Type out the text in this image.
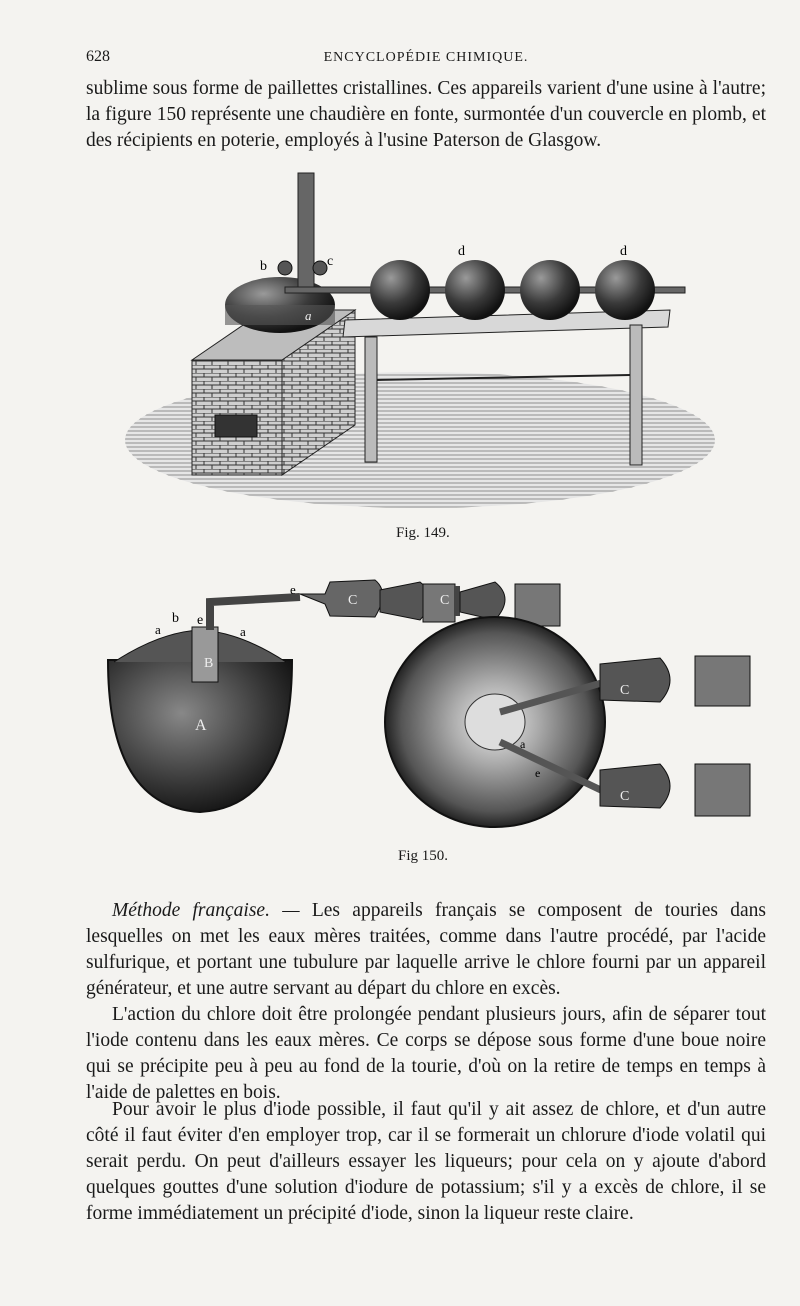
628	ENCYCLOPÉDIE CHIMIQUE.
sublime sous forme de paillettes cristallines. Ces appareils varient d'une usine à l'autre; la figure 150 représente une chaudière en fonte, surmontée d'un couvercle en plomb, et des récipients en poterie, employés à l'usine Paterson de Glasgow.
b	c
a
d	d
Fig. 149.
b e
a	a
B
A
e
C	C
C
C
a
e
Fig 150.
Méthode française. — Les appareils français se composent de touries dans lesquelles on met les eaux mères traitées, comme dans l'autre procédé, par l'acide sulfurique, et portant une tubulure par laquelle arrive le chlore fourni par un appareil générateur, et une autre servant au départ du chlore en excès.
L'action du chlore doit être prolongée pendant plusieurs jours, afin de séparer tout l'iode contenu dans les eaux mères. Ce corps se dépose sous forme d'une boue noire qui se précipite peu à peu au fond de la tourie, d'où on la retire de temps en temps à l'aide de palettes en bois.
Pour avoir le plus d'iode possible, il faut qu'il y ait assez de chlore, et d'un autre côté il faut éviter d'en employer trop, car il se formerait un chlorure d'iode volatil qui serait perdu. On peut d'ailleurs essayer les liqueurs; pour cela on y ajoute d'abord quelques gouttes d'une solution d'iodure de potassium; s'il y a excès de chlore, il se forme immédiatement un précipité d'iode, sinon la liqueur reste claire.
